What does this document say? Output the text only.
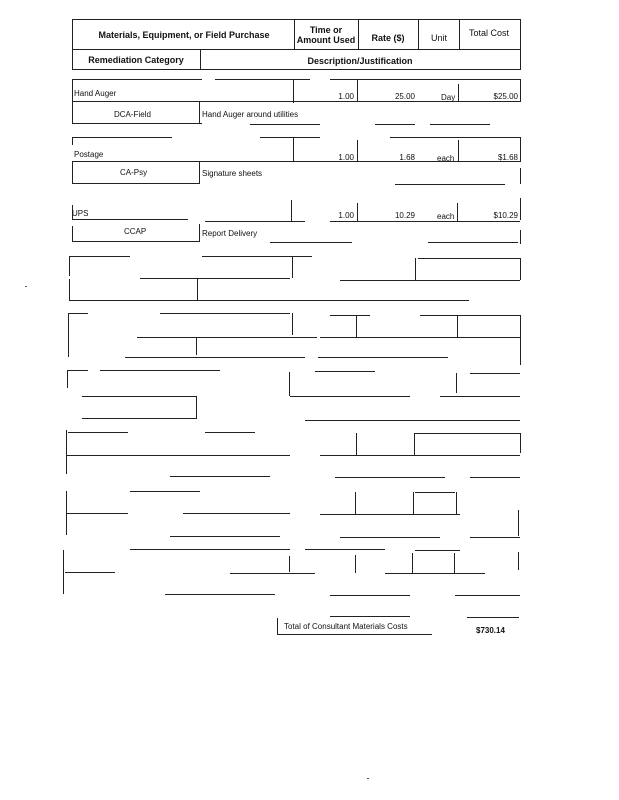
Materials, Equipment, or Field Purchase	Time or Amount Used	Rate ($)	Unit	Total Cost
Remediation Category	Description/Justification
Hand Auger	1.00	25.00	Day	$25.00
DCA-Field	Hand Auger around utilities
Postage	1.00	1.68	each	$1.68
CA-Psy	Signature sheets
UPS	1.00	10.29	each	$10.29
CCAP	Report Delivery
Total of Consultant Materials Costs	$730.14
